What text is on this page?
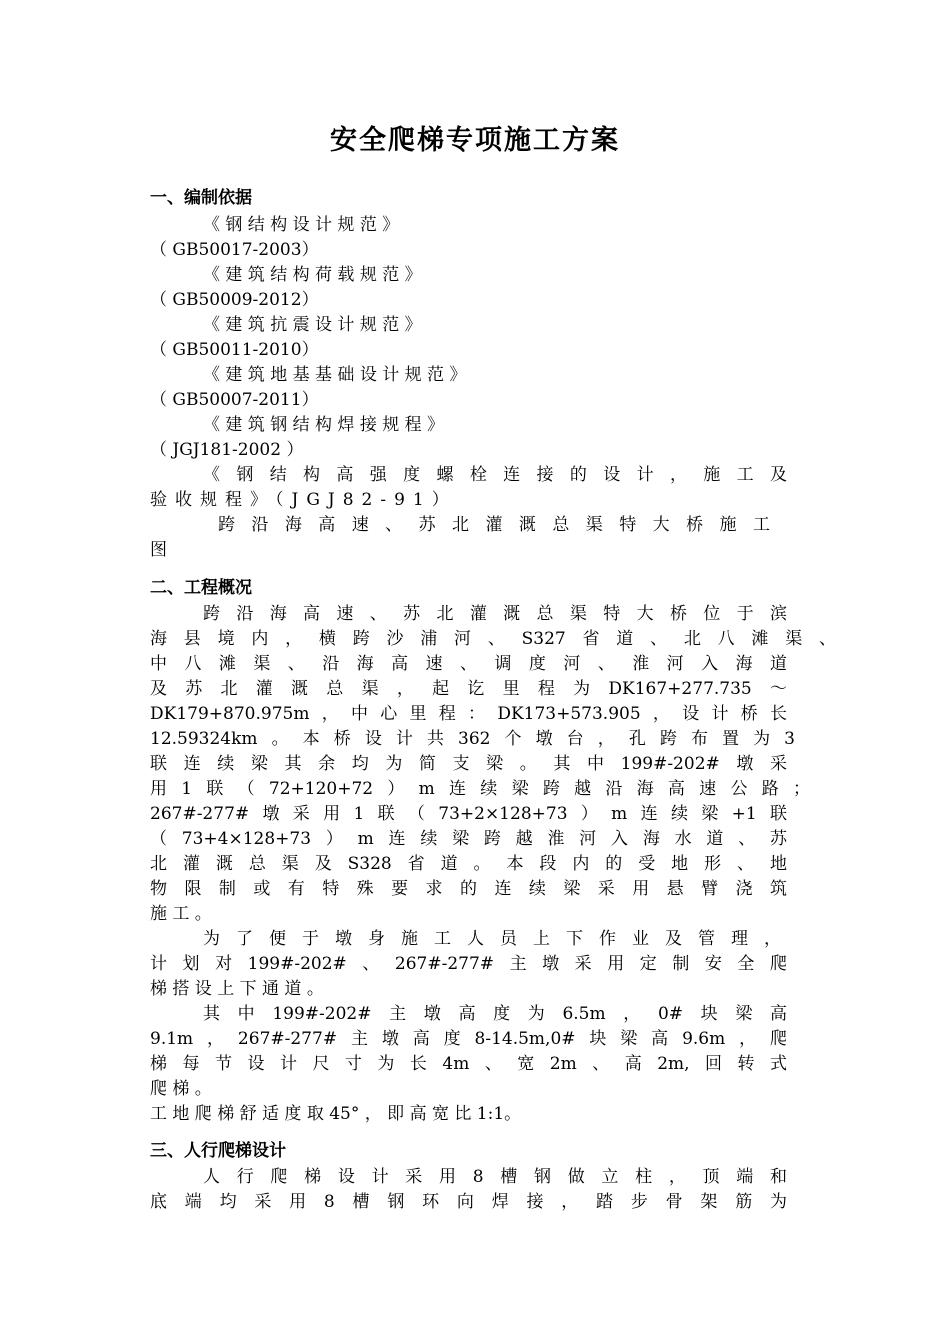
安全爬梯专项施工方案
一、编制依据
《 钢 结 构 设 计 规 范 》
（ GB50017-2003）
《 建 筑 结 构 荷 载 规 范 》
（ GB50009-2012）
《 建 筑 抗 震 设 计 规 范 》
（ GB50011-2010）
《 建 筑 地 基 基 础 设 计 规 范 》
（ GB50007-2011）
《 建 筑 钢 结 构 焊 接 规 程 》
（ JGJ181-2002 ）
《钢结构高强度螺栓连接的设计，施工及
验收规程》（JGJ82-91）
跨沿海高速、苏北灌溉总渠特大桥施工
图
二、工程概况
跨沿海高速、苏北灌溉总渠特大桥位于滨
海县境内，横跨沙浦河、S327省道、北八滩渠、
中八滩渠、沿海高速、调度河、淮河入海道
及苏北灌溉总渠，起讫里程为DK167+277.735～
DK179+870.975m，中心里程：DK173+573.905，设计桥长
12.59324km。本桥设计共362个墩台，孔跨布置为3
联连续梁其余均为简支梁。其中199#-202#墩采
用1联（72+120+72）m连续梁跨越沿海高速公路；
267#-277#墩采用1联（73+2×128+73）m连续梁+1联
（73+4×128+73）m连续梁跨越淮河入海水道、苏
北灌溉总渠及S328省道。本段内的受地形、地
物限制或有特殊要求的连续梁采用悬臂浇筑
施 工 。
为了便于墩身施工人员上下作业及管理，
计划对199#-202#、267#-277#主墩采用定制安全爬
梯 搭 设 上 下 通 道 。
其中199#-202#主墩高度为6.5m，0#块梁高
9.1m，267#-277#主墩高度8-14.5m,0#块梁高9.6m，爬
梯每节设计尺寸为长4m、宽2m、高2m,回转式
爬 梯 。
工 地 爬 梯 舒 适 度 取 45° ， 即 高 宽 比 1:1。
三、人行爬梯设计
人行爬梯设计采用8槽钢做立柱，顶端和
底端均采用8槽钢环向焊接，踏步骨架筋为
